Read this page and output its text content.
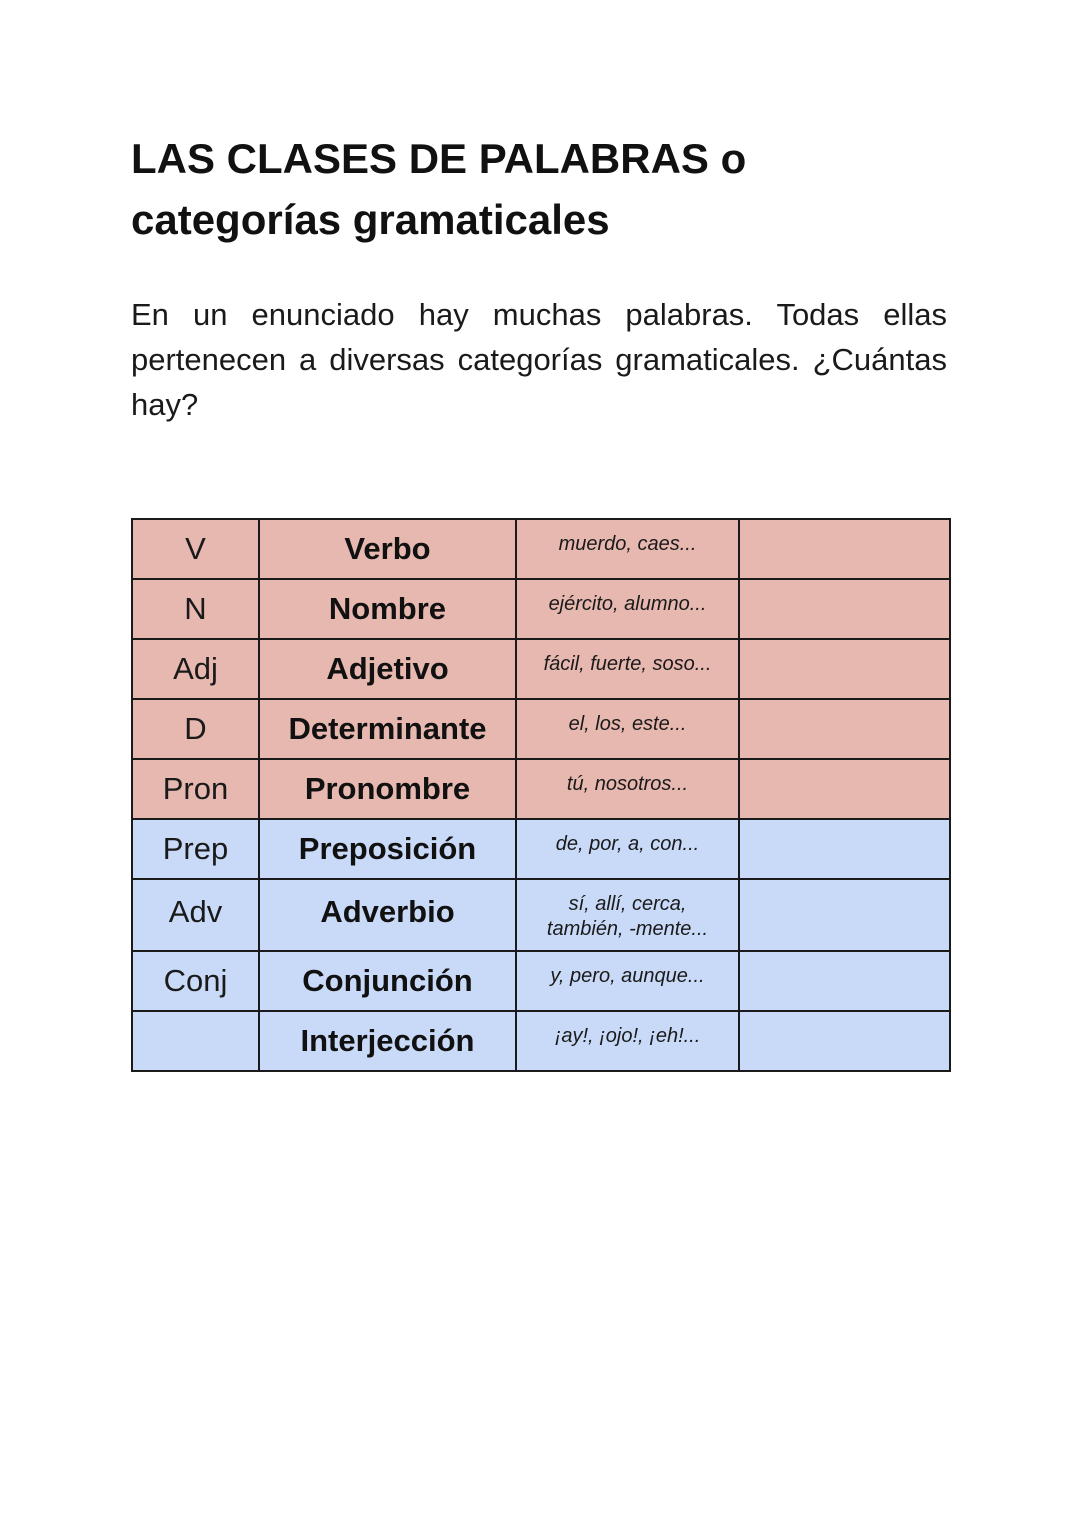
LAS CLASES DE PALABRAS o
categorías gramaticales

En un enunciado hay muchas palabras. Todas ellas pertenecen a diversas categorías gramaticales. ¿Cuántas hay?

V	Verbo	muerdo, caes...	

N	Nombre	ejército, alumno...	

Adj	Adjetivo	fácil, fuerte, soso...	

D	Determinante	el, los, este...	

Pron	Pronombre	tú, nosotros...	

Prep	Preposición	de, por, a, con...	

Adv	Adverbio	sí, allí, cerca,
también, -mente...	

Conj	Conjunción	y, pero, aunque...	

	Interjección	¡ay!, ¡ojo!, ¡eh!...	
